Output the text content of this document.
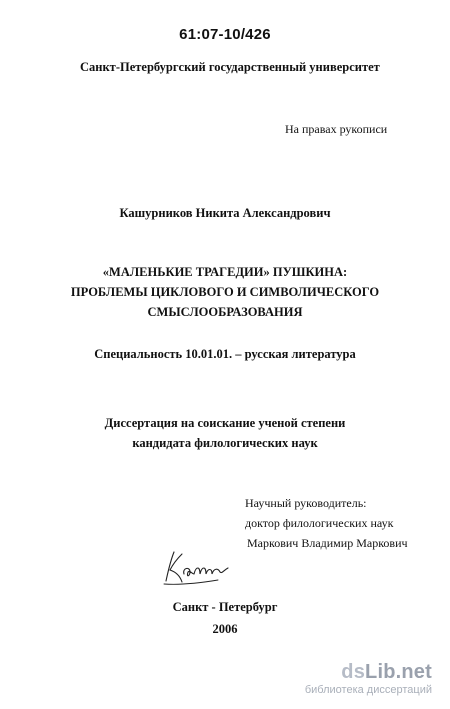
61:07-10/426
Санкт-Петербургский государственный университет
На правах рукописи
Кашурников Никита Александрович
«МАЛЕНЬКИЕ ТРАГЕДИИ» ПУШКИНА:
ПРОБЛЕМЫ ЦИКЛОВОГО И СИМВОЛИЧЕСКОГО
СМЫСЛООБРАЗОВАНИЯ
Специальность 10.01.01. – русская литература
Диссертация на соискание ученой степени
кандидата филологических наук
Научный руководитель:
доктор филологических наук
Маркович Владимир Маркович
Санкт - Петербург
2006
dsLib.net
библиотека диссертаций
